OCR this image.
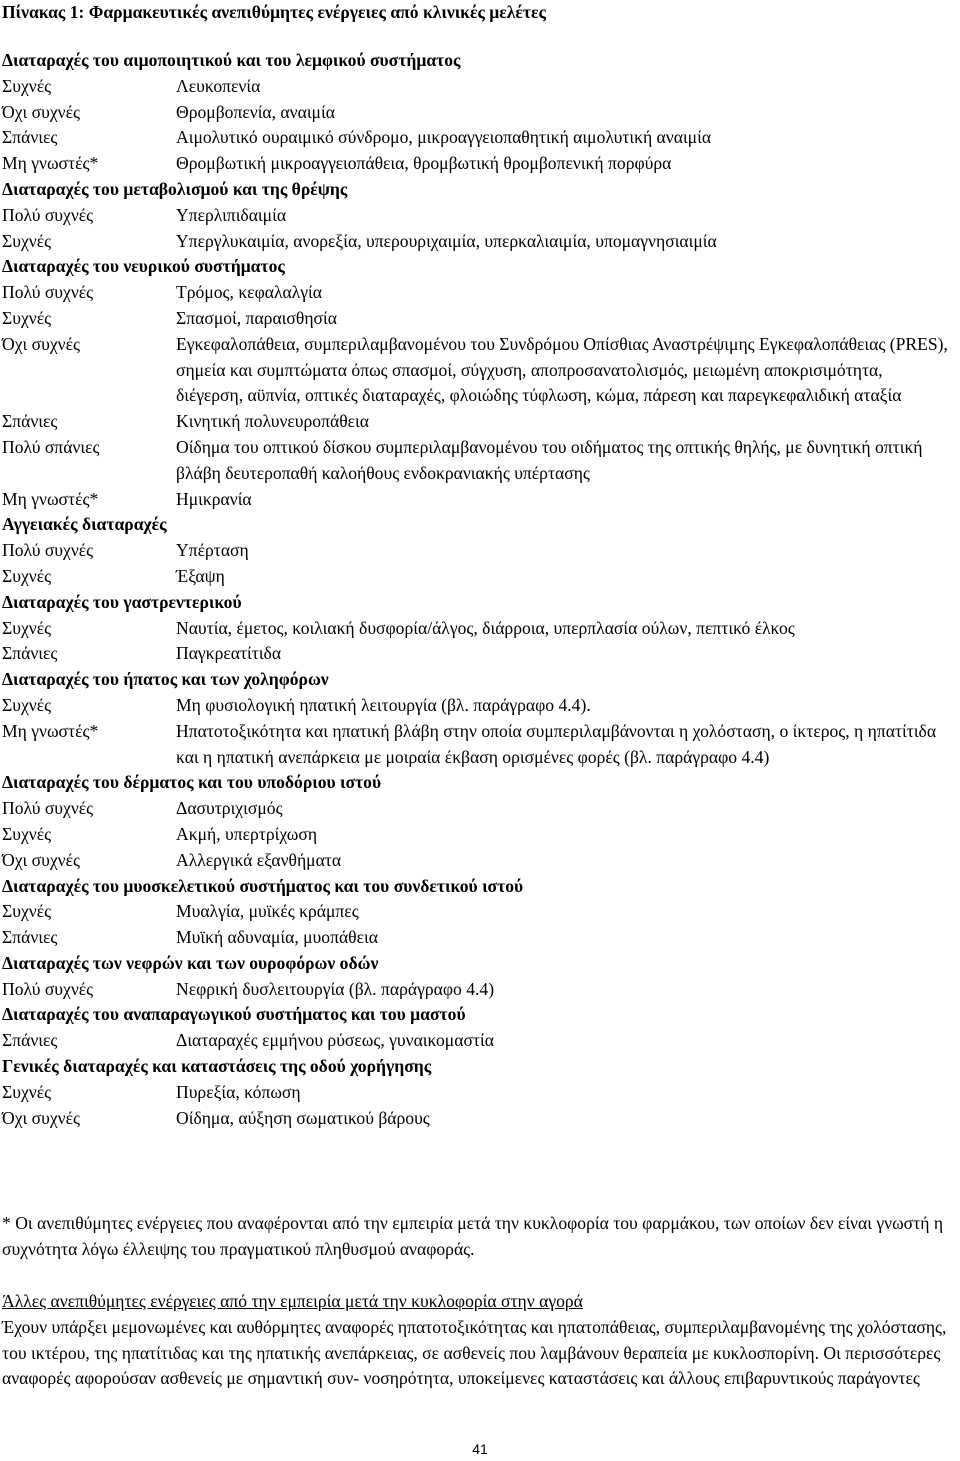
Πίνακας 1: Φαρμακευτικές ανεπιθύμητες ενέργειες από κλινικές μελέτες
Διαταραχές του αιμοποιητικού και του λεμφικού συστήματος
Συχνές	Λευκοπενία
Όχι συχνές	Θρομβοπενία, αναιμία
Σπάνιες	Αιμολυτικό ουραιμικό σύνδρομο, μικροαγγειοπαθητική αιμολυτική αναιμία
Μη γνωστές*	Θρομβωτική μικροαγγειοπάθεια, θρομβωτική θρομβοπενική πορφύρα
Διαταραχές του μεταβολισμού και της θρέψης
Πολύ συχνές	Υπερλιπιδαιμία
Συχνές	Υπεργλυκαιμία, ανορεξία, υπερουριχαιμία, υπερκαλιαιμία, υπομαγνησιαιμία
Διαταραχές του νευρικού συστήματος
Πολύ συχνές	Τρόμος, κεφαλαλγία
Συχνές	Σπασμοί, παραισθησία
Όχι συχνές	Εγκεφαλοπάθεια, συμπεριλαμβανομένου του Συνδρόμου Οπίσθιας Αναστρέψιμης Εγκεφαλοπάθειας (PRES), σημεία και συμπτώματα όπως σπασμοί, σύγχυση, αποπροσανατολισμός, μειωμένη αποκρισιμότητα, διέγερση, αϋπνία, οπτικές διαταραχές, φλοιώδης τύφλωση, κώμα, πάρεση και παρεγκεφαλιδική αταξία
Σπάνιες	Κινητική πολυνευροπάθεια
Πολύ σπάνιες	Οίδημα του οπτικού δίσκου συμπεριλαμβανομένου του οιδήματος της οπτικής θηλής, με δυνητική οπτική βλάβη δευτεροπαθή καλοήθους ενδοκρανιακής υπέρτασης
Μη γνωστές*	Ημικρανία
Αγγειακές διαταραχές
Πολύ συχνές	Υπέρταση
Συχνές	Έξαψη
Διαταραχές του γαστρεντερικού
Συχνές	Ναυτία, έμετος, κοιλιακή δυσφορία/άλγος, διάρροια, υπερπλασία ούλων, πεπτικό έλκος
Σπάνιες	Παγκρεατίτιδα
Διαταραχές του ήπατος και των χοληφόρων
Συχνές	Μη φυσιολογική ηπατική λειτουργία (βλ. παράγραφο 4.4).
Μη γνωστές*	Ηπατοτοξικότητα και ηπατική βλάβη στην οποία συμπεριλαμβάνονται η χολόσταση, ο ίκτερος, η ηπατίτιδα και η ηπατική ανεπάρκεια με μοιραία έκβαση ορισμένες φορές (βλ. παράγραφο 4.4)
Διαταραχές του δέρματος και του υποδόριου ιστού
Πολύ συχνές	Δασυτριχισμός
Συχνές	Ακμή, υπερτρίχωση
Όχι συχνές	Αλλεργικά εξανθήματα
Διαταραχές του μυοσκελετικού συστήματος και του συνδετικού ιστού
Συχνές	Μυαλγία, μυϊκές κράμπες
Σπάνιες	Μυϊκή αδυναμία, μυοπάθεια
Διαταραχές των νεφρών και των ουροφόρων οδών
Πολύ συχνές	Νεφρική δυσλειτουργία (βλ. παράγραφο 4.4)
Διαταραχές του αναπαραγωγικού συστήματος και του μαστού
Σπάνιες	Διαταραχές εμμήνου ρύσεως, γυναικομαστία
Γενικές διαταραχές και καταστάσεις της οδού χορήγησης
Συχνές	Πυρεξία, κόπωση
Όχι συχνές	Οίδημα, αύξηση σωματικού βάρους
* Οι ανεπιθύμητες ενέργειες που αναφέρονται από την εμπειρία μετά την κυκλοφορία του φαρμάκου, των οποίων δεν είναι γνωστή η συχνότητα λόγω έλλειψης του πραγματικού πληθυσμού αναφοράς.
Άλλες ανεπιθύμητες ενέργειες από την εμπειρία μετά την κυκλοφορία στην αγορά
Έχουν υπάρξει μεμονωμένες και αυθόρμητες αναφορές ηπατοτοξικότητας και ηπατοπάθειας, συμπεριλαμβανομένης της χολόστασης, του ικτέρου, της ηπατίτιδας και της ηπατικής ανεπάρκειας, σε ασθενείς που λαμβάνουν θεραπεία με κυκλοσπορίνη. Οι περισσότερες αναφορές αφορούσαν ασθενείς με σημαντική συν- νοσηρότητα, υποκείμενες καταστάσεις και άλλους επιβαρυντικούς παράγοντες
41
